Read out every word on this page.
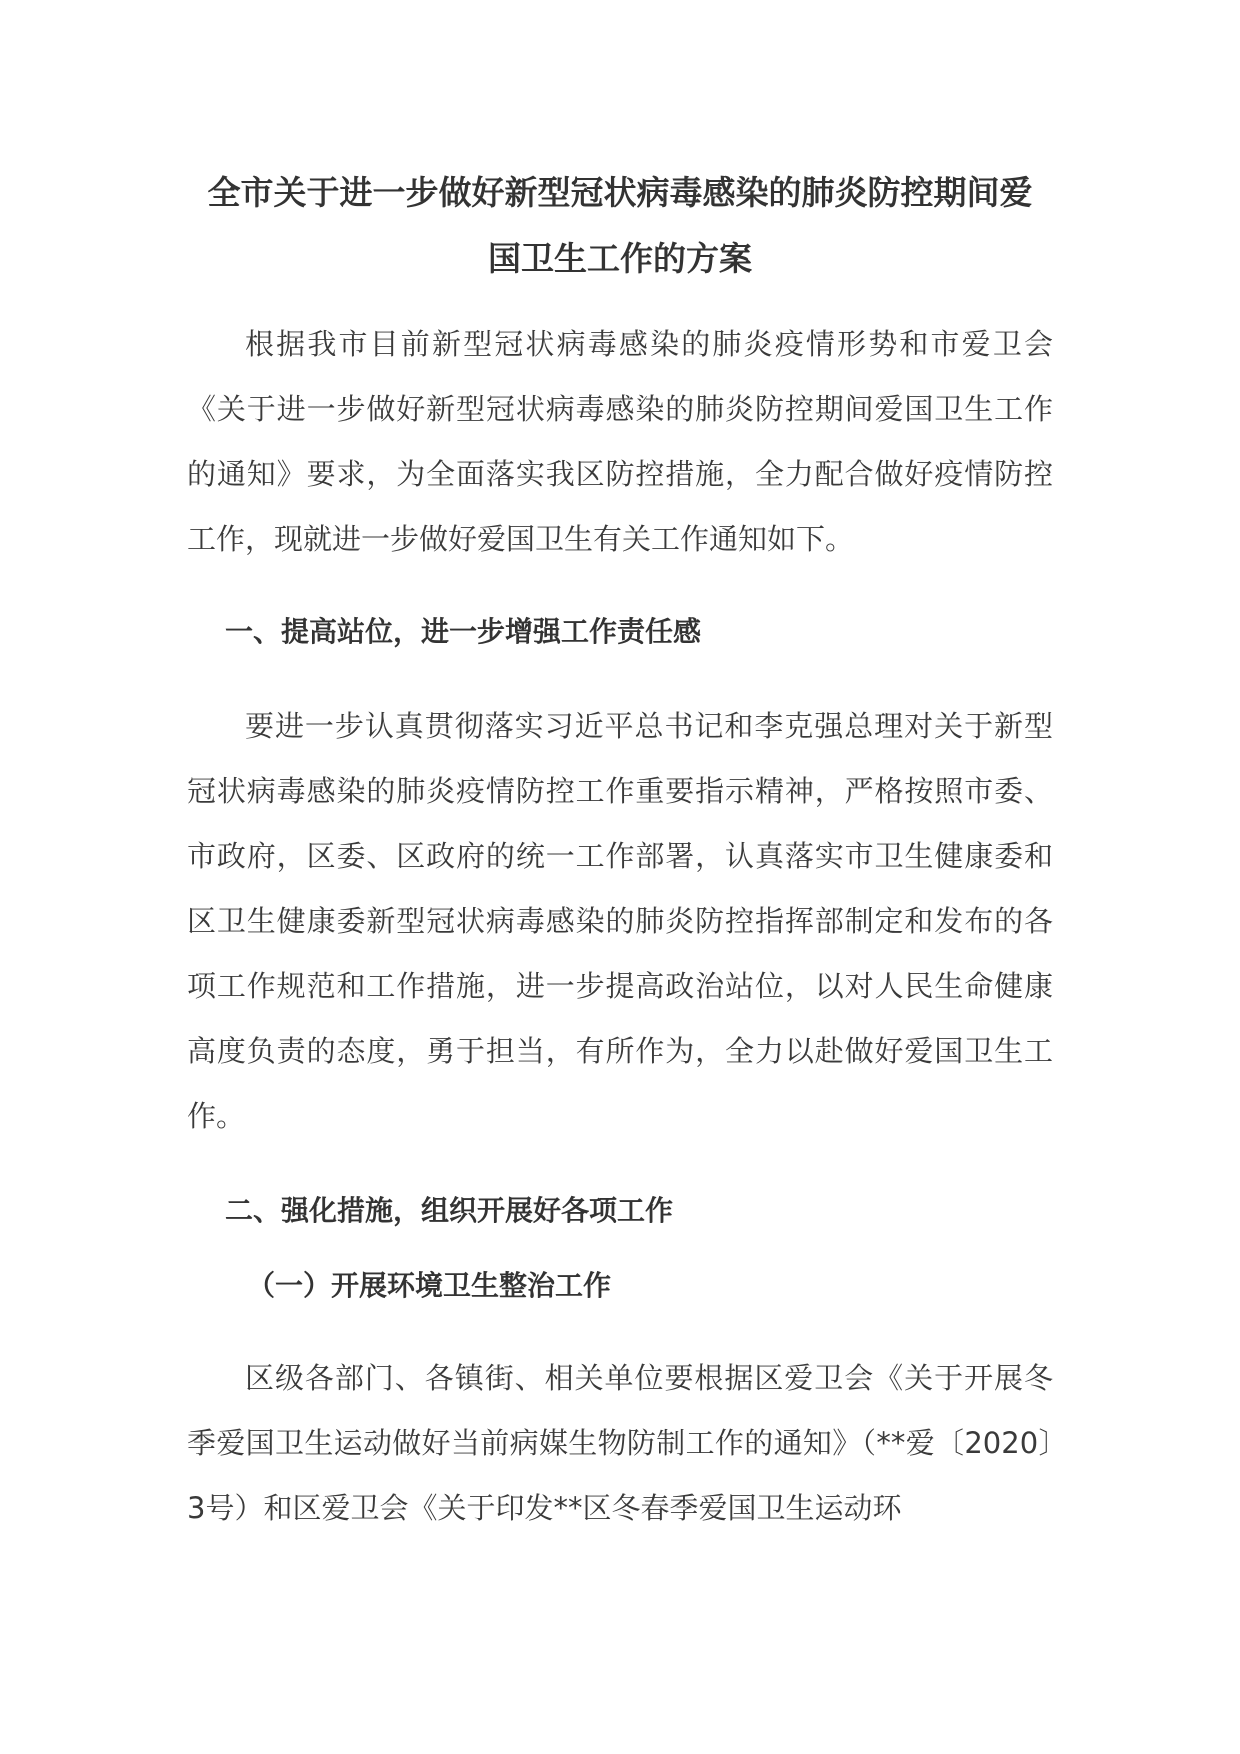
全市关于进一步做好新型冠状病毒感染的肺炎防控期间爱
国卫生工作的方案

根据我市目前新型冠状病毒感染的肺炎疫情形势和市爱卫会《关于进一步做好新型冠状病毒感染的肺炎防控期间爱国卫生工作的通知》要求，为全面落实我区防控措施，全力配合做好疫情防控工作，现就进一步做好爱国卫生有关工作通知如下。

一、提高站位，进一步增强工作责任感

要进一步认真贯彻落实习近平总书记和李克强总理对关于新型冠状病毒感染的肺炎疫情防控工作重要指示精神，严格按照市委、市政府，区委、区政府的统一工作部署，认真落实市卫生健康委和区卫生健康委新型冠状病毒感染的肺炎防控指挥部制定和发布的各项工作规范和工作措施，进一步提高政治站位，以对人民生命健康高度负责的态度，勇于担当，有所作为，全力以赴做好爱国卫生工作。

二、强化措施，组织开展好各项工作
（一）开展环境卫生整治工作

区级各部门、各镇街、相关单位要根据区爱卫会《关于开展冬季爱国卫生运动做好当前病媒生物防制工作的通知》（**爱〔2020〕3号）和区爱卫会《关于印发**区冬春季爱国卫生运动环
